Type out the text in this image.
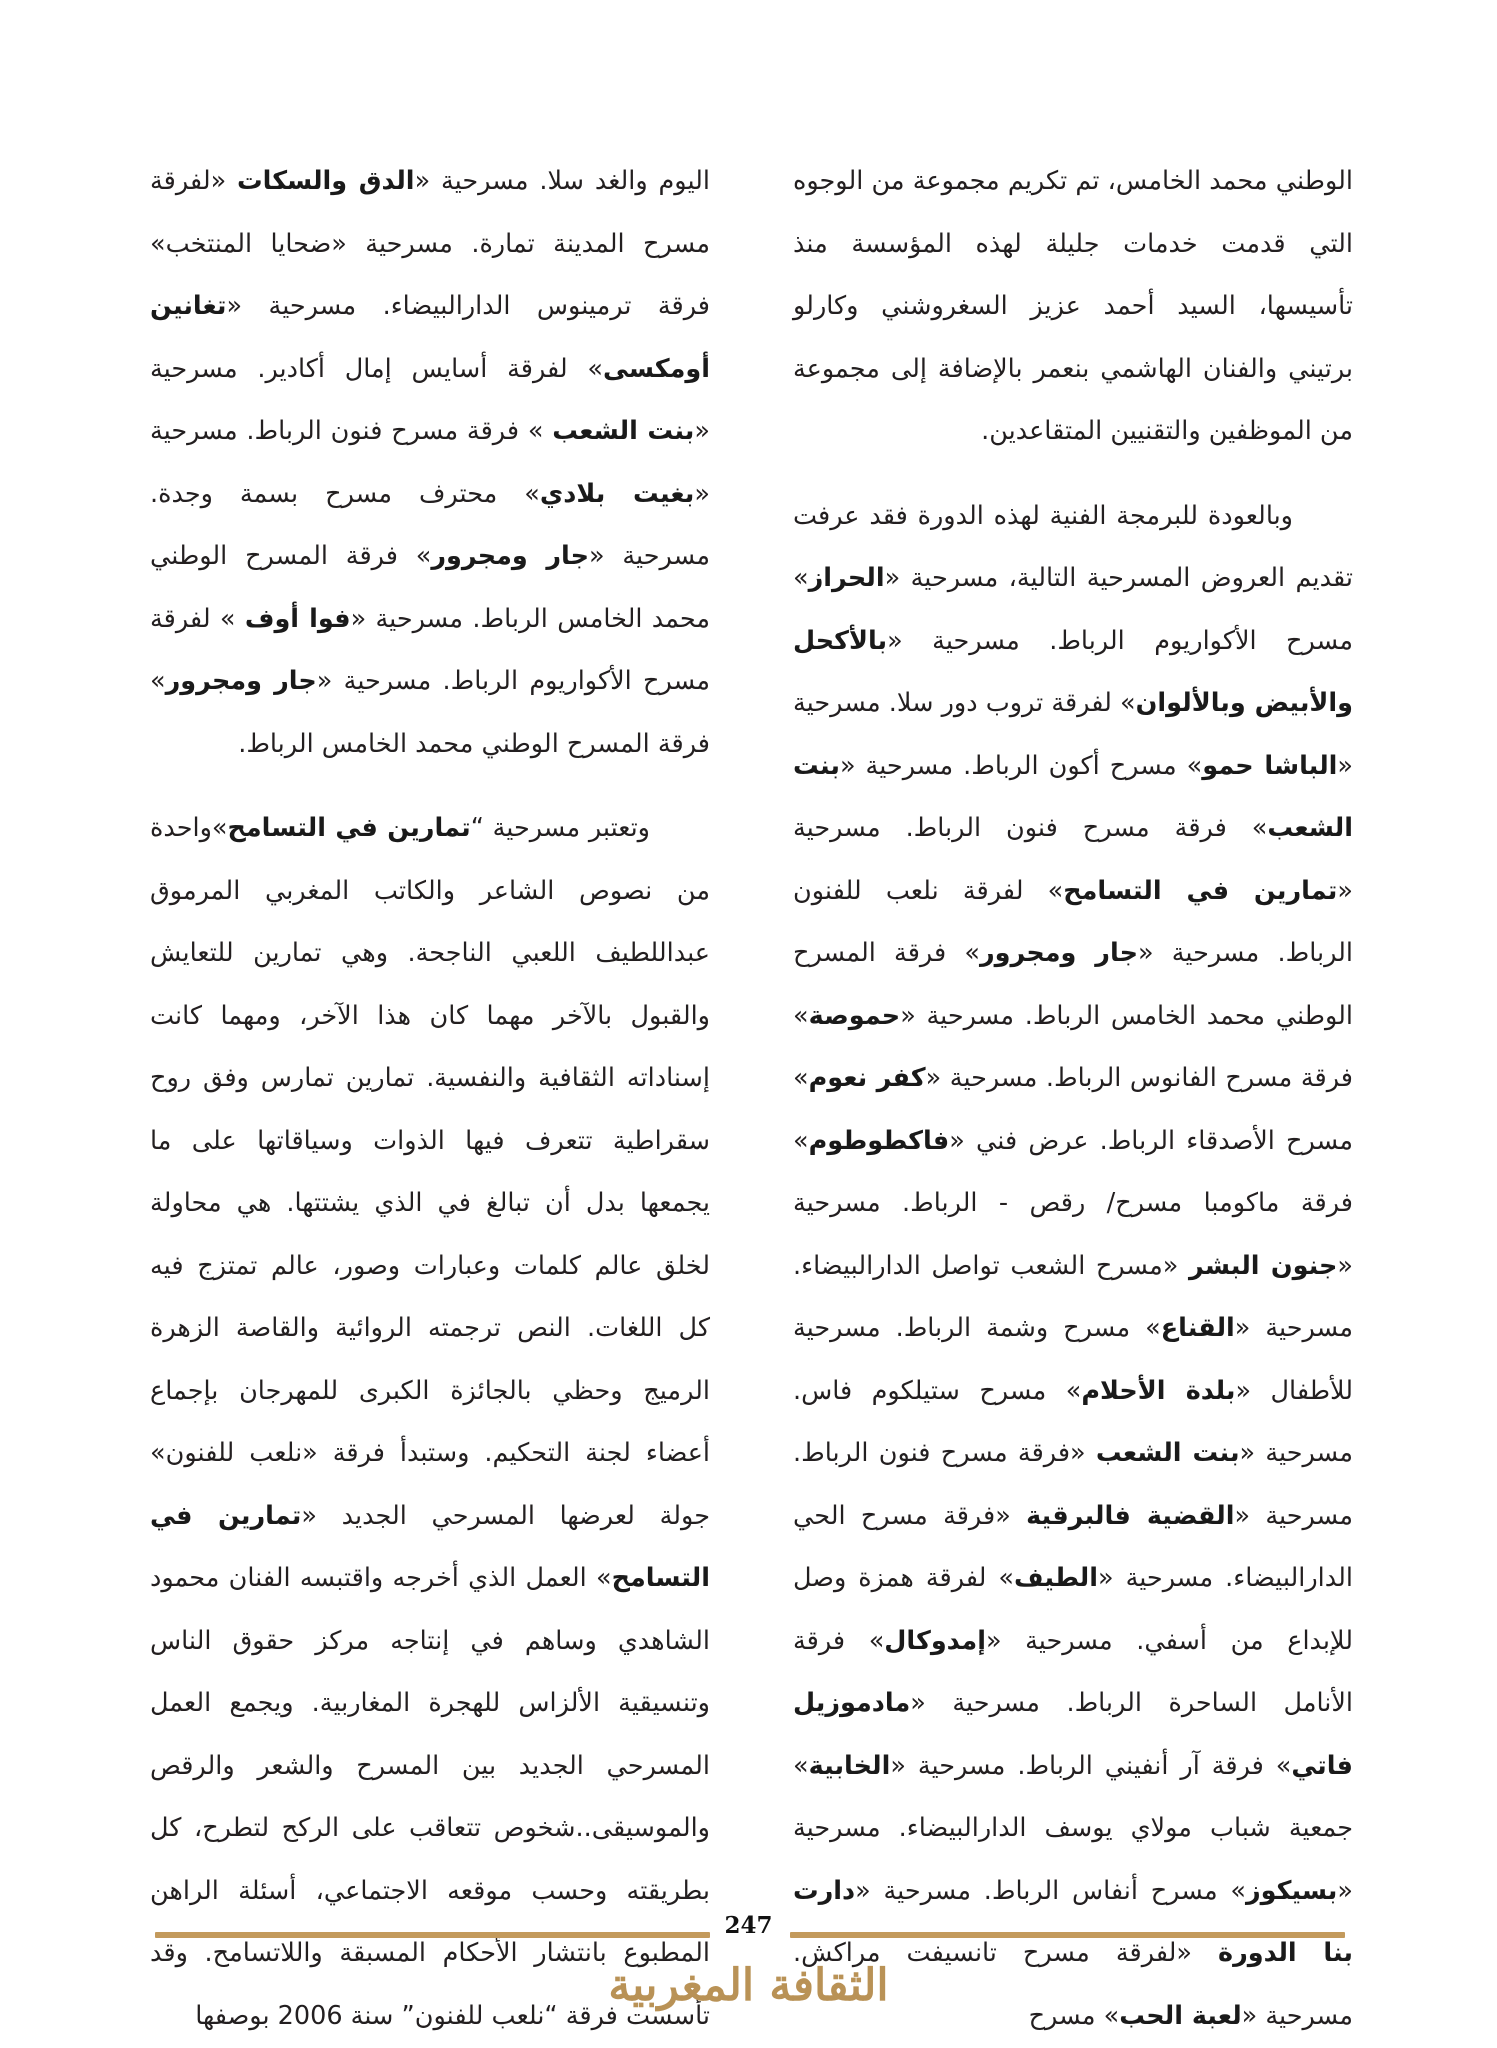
الوطني محمد الخامس، تم تكريم مجموعة من الوجوه التي قدمت خدمات جليلة لهذه المؤسسة منذ تأسيسها، السيد أحمد عزيز السغروشني وكارلو برتيني والفنان الهاشمي بنعمر بالإضافة إلى مجموعة من الموظفين والتقنيين المتقاعدين.

وبالعودة للبرمجة الفنية لهذه الدورة فقد عرفت تقديم العروض المسرحية التالية، مسرحية «الحراز» مسرح الأكواريوم الرباط. مسرحية «بالأكحل والأبيض وبالألوان» لفرقة تروب دور سلا. مسرحية «الباشا حمو» مسرح أكون الرباط. مسرحية «بنت الشعب» فرقة مسرح فنون الرباط. مسرحية «تمارين في التسامح» لفرقة نلعب للفنون الرباط. مسرحية «جار ومجرور» فرقة المسرح الوطني محمد الخامس الرباط. مسرحية «حموصة» فرقة مسرح الفانوس الرباط. مسرحية «كفر نعوم» مسرح الأصدقاء الرباط. عرض فني «فاكطوطوم» فرقة ماكومبا مسرح/ رقص - الرباط. مسرحية «جنون البشر «مسرح الشعب تواصل الدارالبيضاء. مسرحية «القناع» مسرح وشمة الرباط. مسرحية للأطفال «بلدة الأحلام» مسرح ستيلكوم فاس. مسرحية «بنت الشعب «فرقة مسرح فنون الرباط. مسرحية «القضية فالبرقية «فرقة مسرح الحي الدارالبيضاء. مسرحية «الطيف» لفرقة همزة وصل للإبداع من أسفي. مسرحية «إمدوكال» فرقة الأنامل الساحرة الرباط. مسرحية «مادموزيل فاتي» فرقة آر أنفيني الرباط. مسرحية «الخابية» جمعية شباب مولاي يوسف الدارالبيضاء. مسرحية «بسيكوز» مسرح أنفاس الرباط. مسرحية «دارت بنا الدورة «لفرقة مسرح تانسيفت مراكش. مسرحية «لعبة الحب» مسرح

اليوم والغد سلا. مسرحية «الدق والسكات «لفرقة مسرح المدينة تمارة. مسرحية «ضحايا المنتخب» فرقة ترمينوس الدارالبيضاء. مسرحية «تغانين أومكسى» لفرقة أسايس إمال أكادير. مسرحية «بنت الشعب » فرقة مسرح فنون الرباط. مسرحية «بغيت بلادي» محترف مسرح بسمة وجدة. مسرحية «جار ومجرور» فرقة المسرح الوطني محمد الخامس الرباط. مسرحية «فوا أوف » لفرقة مسرح الأكواريوم الرباط. مسرحية «جار ومجرور» فرقة المسرح الوطني محمد الخامس الرباط.

وتعتبر مسرحية “تمارين في التسامح»واحدة من نصوص الشاعر والكاتب المغربي المرموق عبداللطيف اللعبي الناجحة. وهي تمارين للتعايش والقبول بالآخر مهما كان هذا الآخر، ومهما كانت إسناداته الثقافية والنفسية. تمارين تمارس وفق روح سقراطية تتعرف فيها الذوات وسياقاتها على ما يجمعها بدل أن تبالغ في الذي يشتتها. هي محاولة لخلق عالم كلمات وعبارات وصور، عالم تمتزج فيه كل اللغات. النص ترجمته الروائية والقاصة الزهرة الرميج وحظي بالجائزة الكبرى للمهرجان بإجماع أعضاء لجنة التحكيم. وستبدأ فرقة «نلعب للفنون» جولة لعرضها المسرحي الجديد «تمارين في التسامح» العمل الذي أخرجه واقتبسه الفنان محمود الشاهدي وساهم في إنتاجه مركز حقوق الناس وتنسيقية الألزاس للهجرة المغاربية. ويجمع العمل المسرحي الجديد بين المسرح والشعر والرقص والموسيقى..شخوص تتعاقب على الركح لتطرح، كل بطريقته وحسب موقعه الاجتماعي، أسئلة الراهن المطبوع بانتشار الأحكام المسبقة واللاتسامح. وقد تأسست فرقة “نلعب للفنون” سنة 2006 بوصفها

247
الثقافة المغربية
